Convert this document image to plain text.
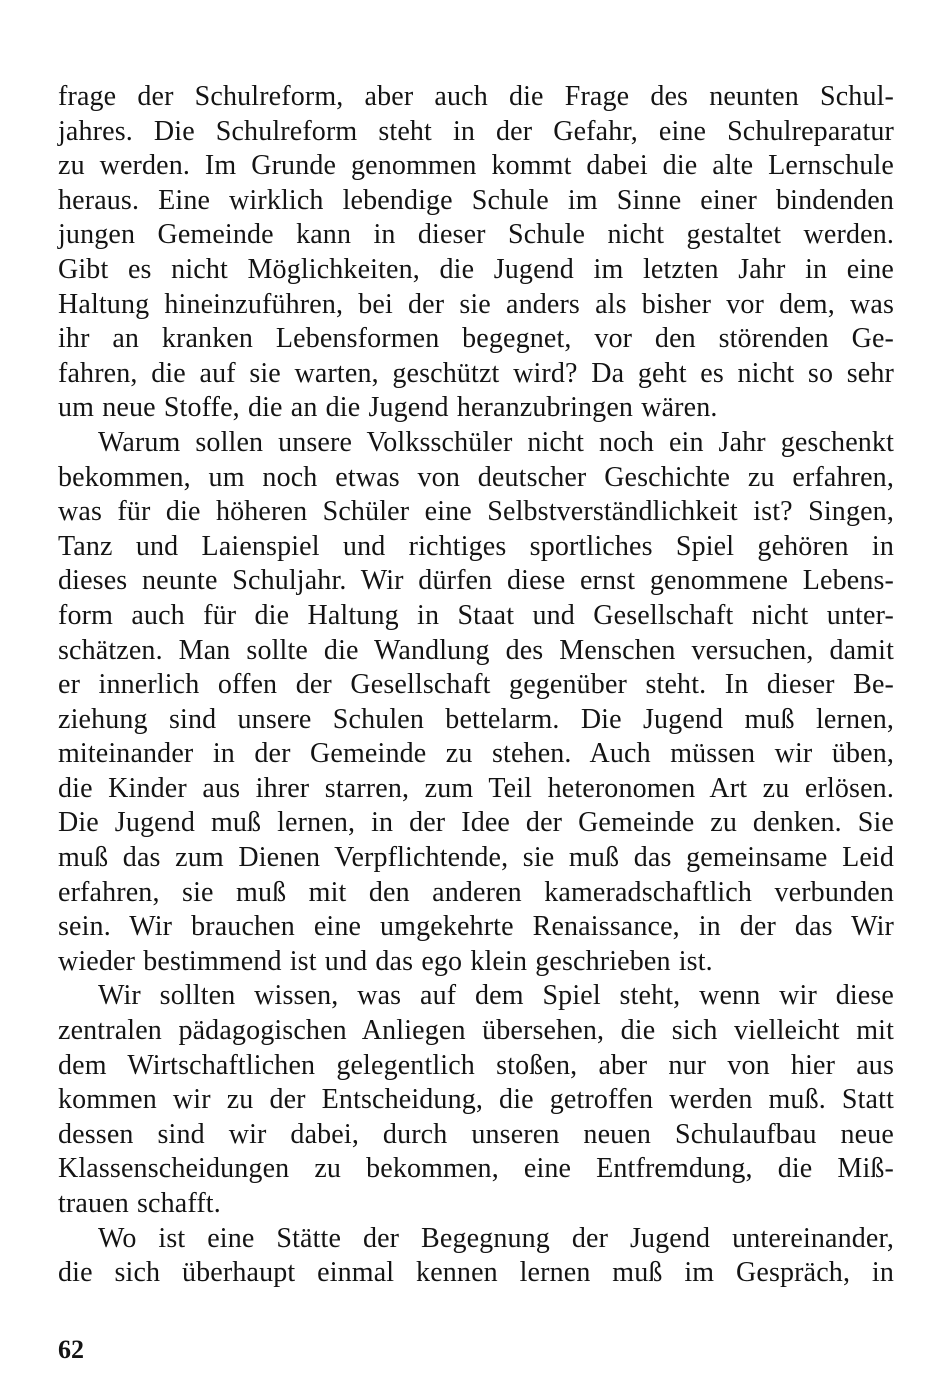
frage der Schulreform, aber auch die Frage des neunten Schul-
jahres. Die Schulreform steht in der Gefahr, eine Schulreparatur
zu werden. Im Grunde genommen kommt dabei die alte Lernschule
heraus. Eine wirklich lebendige Schule im Sinne einer bindenden
jungen Gemeinde kann in dieser Schule nicht gestaltet werden.
Gibt es nicht Möglichkeiten, die Jugend im letzten Jahr in eine
Haltung hineinzuführen, bei der sie anders als bisher vor dem, was
ihr an kranken Lebensformen begegnet, vor den störenden Ge-
fahren, die auf sie warten, geschützt wird? Da geht es nicht so sehr
um neue Stoffe, die an die Jugend heranzubringen wären.

Warum sollen unsere Volksschüler nicht noch ein Jahr geschenkt
bekommen, um noch etwas von deutscher Geschichte zu erfahren,
was für die höheren Schüler eine Selbstverständlichkeit ist? Singen,
Tanz und Laienspiel und richtiges sportliches Spiel gehören in
dieses neunte Schuljahr. Wir dürfen diese ernst genommene Lebens-
form auch für die Haltung in Staat und Gesellschaft nicht unter-
schätzen. Man sollte die Wandlung des Menschen versuchen, damit
er innerlich offen der Gesellschaft gegenüber steht. In dieser Be-
ziehung sind unsere Schulen bettelarm. Die Jugend muß lernen,
miteinander in der Gemeinde zu stehen. Auch müssen wir üben,
die Kinder aus ihrer starren, zum Teil heteronomen Art zu erlösen.
Die Jugend muß lernen, in der Idee der Gemeinde zu denken. Sie
muß das zum Dienen Verpflichtende, sie muß das gemeinsame Leid
erfahren, sie muß mit den anderen kameradschaftlich verbunden
sein. Wir brauchen eine umgekehrte Renaissance, in der das Wir
wieder bestimmend ist und das ego klein geschrieben ist.

Wir sollten wissen, was auf dem Spiel steht, wenn wir diese
zentralen pädagogischen Anliegen übersehen, die sich vielleicht mit
dem Wirtschaftlichen gelegentlich stoßen, aber nur von hier aus
kommen wir zu der Entscheidung, die getroffen werden muß. Statt
dessen sind wir dabei, durch unseren neuen Schulaufbau neue
Klassenscheidungen zu bekommen, eine Entfremdung, die Miß-
trauen schafft.

Wo ist eine Stätte der Begegnung der Jugend untereinander,
die sich überhaupt einmal kennen lernen muß im Gespräch, in

62
